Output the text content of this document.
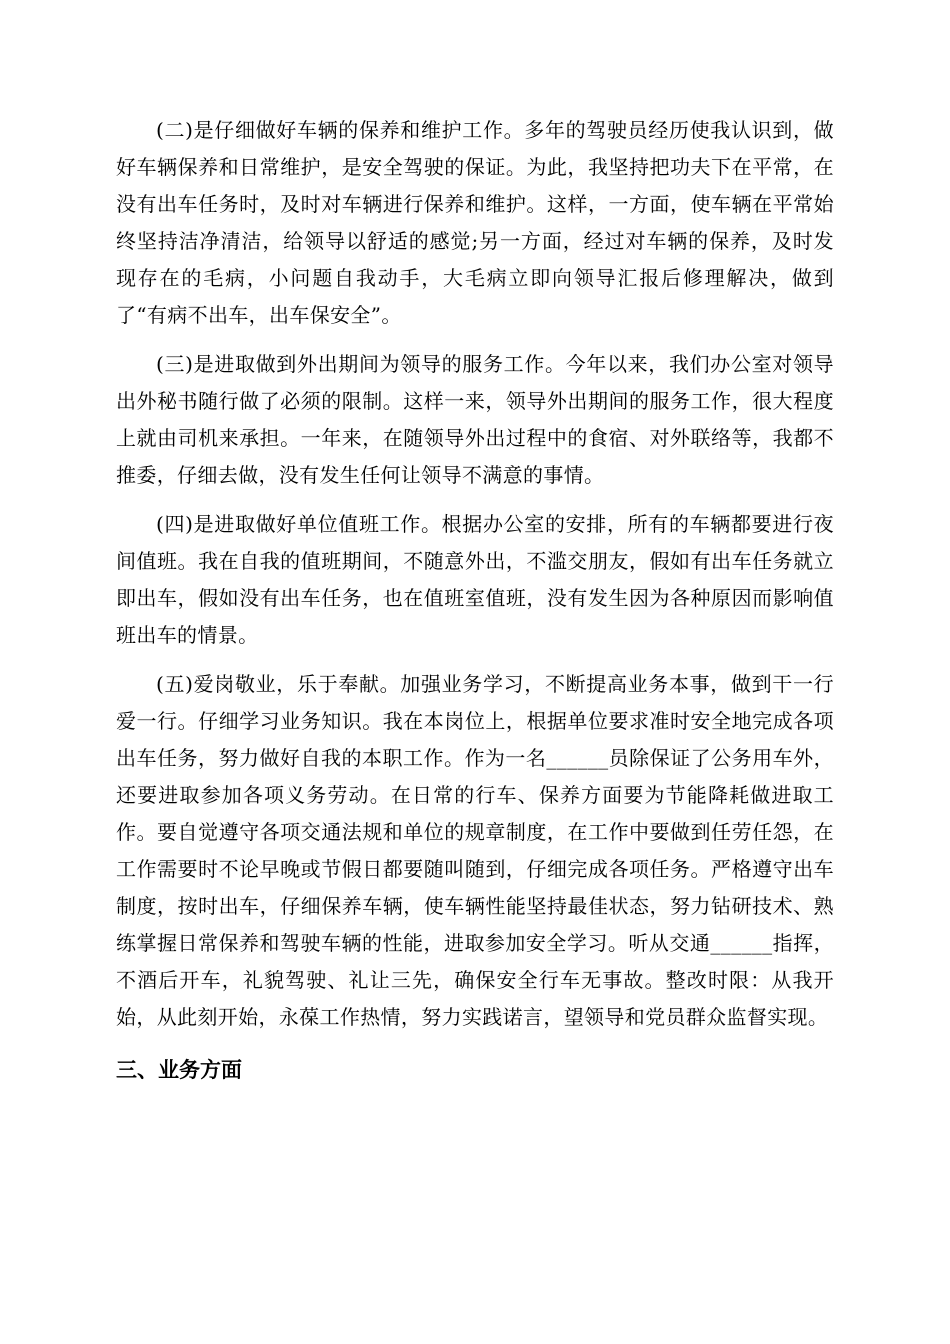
(二)是仔细做好车辆的保养和维护工作。多年的驾驶员经历使我认识到，做好车辆保养和日常维护，是安全驾驶的保证。为此，我坚持把功夫下在平常，在没有出车任务时，及时对车辆进行保养和维护。这样，一方面，使车辆在平常始终坚持洁净清洁，给领导以舒适的感觉;另一方面，经过对车辆的保养，及时发现存在的毛病，小问题自我动手，大毛病立即向领导汇报后修理解决，做到了“有病不出车，出车保安全”。

(三)是进取做到外出期间为领导的服务工作。今年以来，我们办公室对领导出外秘书随行做了必须的限制。这样一来，领导外出期间的服务工作，很大程度上就由司机来承担。一年来，在随领导外出过程中的食宿、对外联络等，我都不推委，仔细去做，没有发生任何让领导不满意的事情。

(四)是进取做好单位值班工作。根据办公室的安排，所有的车辆都要进行夜间值班。我在自我的值班期间，不随意外出，不滥交朋友，假如有出车任务就立即出车，假如没有出车任务，也在值班室值班，没有发生因为各种原因而影响值班出车的情景。

(五)爱岗敬业，乐于奉献。加强业务学习，不断提高业务本事，做到干一行爱一行。仔细学习业务知识。我在本岗位上，根据单位要求准时安全地完成各项出车任务，努力做好自我的本职工作。作为一名______员除保证了公务用车外，还要进取参加各项义务劳动。在日常的行车、保养方面要为节能降耗做进取工作。要自觉遵守各项交通法规和单位的规章制度，在工作中要做到任劳任怨，在工作需要时不论早晚或节假日都要随叫随到，仔细完成各项任务。严格遵守出车制度，按时出车，仔细保养车辆，使车辆性能坚持最佳状态，努力钻研技术、熟练掌握日常保养和驾驶车辆的性能，进取参加安全学习。听从交通______指挥，不酒后开车，礼貌驾驶、礼让三先，确保安全行车无事故。整改时限：从我开始，从此刻开始，永葆工作热情，努力实践诺言，望领导和党员群众监督实现。

三、业务方面
